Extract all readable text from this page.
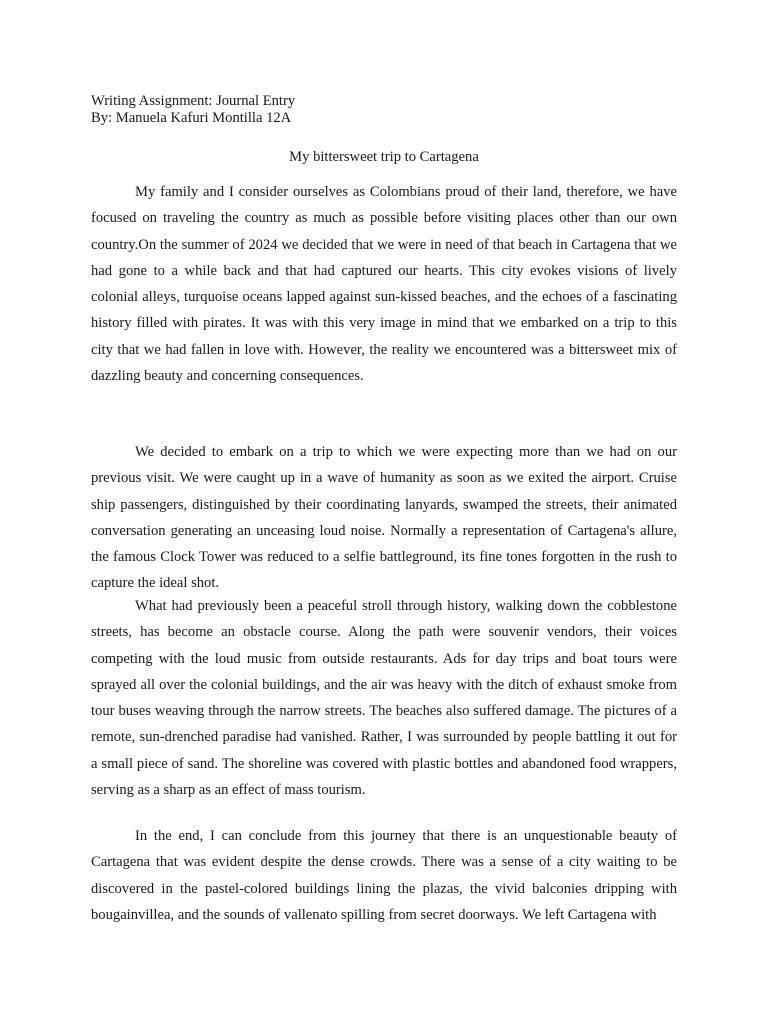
Writing Assignment: Journal Entry

By: Manuela Kafuri Montilla 12A

My bittersweet trip to Cartagena

My family and I consider ourselves as Colombians proud of their land, therefore, we have focused on traveling the country as much as possible before visiting places other than our own country.On the summer of 2024 we decided that we were in need of that beach in Cartagena that we had gone to a while back and that had captured our hearts. This city evokes visions of lively colonial alleys, turquoise oceans lapped against sun-kissed beaches, and the echoes of a fascinating history filled with pirates. It was with this very image in mind that we embarked on a trip to this city that we had fallen in love with. However, the reality we encountered was a bittersweet mix of dazzling beauty and concerning consequences.

We decided to embark on a trip to which we were expecting more than we had on our previous visit. We were caught up in a wave of humanity as soon as we exited the airport. Cruise ship passengers, distinguished by their coordinating lanyards, swamped the streets, their animated conversation generating an unceasing loud noise. Normally a representation of Cartagena's allure, the famous Clock Tower was reduced to a selfie battleground, its fine tones forgotten in the rush to capture the ideal shot.

What had previously been a peaceful stroll through history, walking down the cobblestone streets, has become an obstacle course. Along the path were souvenir vendors, their voices competing with the loud music from outside restaurants. Ads for day trips and boat tours were sprayed all over the colonial buildings, and the air was heavy with the ditch of exhaust smoke from tour buses weaving through the narrow streets. The beaches also suffered damage. The pictures of a remote, sun-drenched paradise had vanished. Rather, I was surrounded by people battling it out for a small piece of sand. The shoreline was covered with plastic bottles and abandoned food wrappers, serving as a sharp as an effect of mass tourism.

In the end, I can conclude from this journey that there is an unquestionable beauty of Cartagena that was evident despite the dense crowds. There was a sense of a city waiting to be discovered in the pastel-colored buildings lining the plazas, the vivid balconies dripping with bougainvillea, and the sounds of vallenato spilling from secret doorways. We left Cartagena with
